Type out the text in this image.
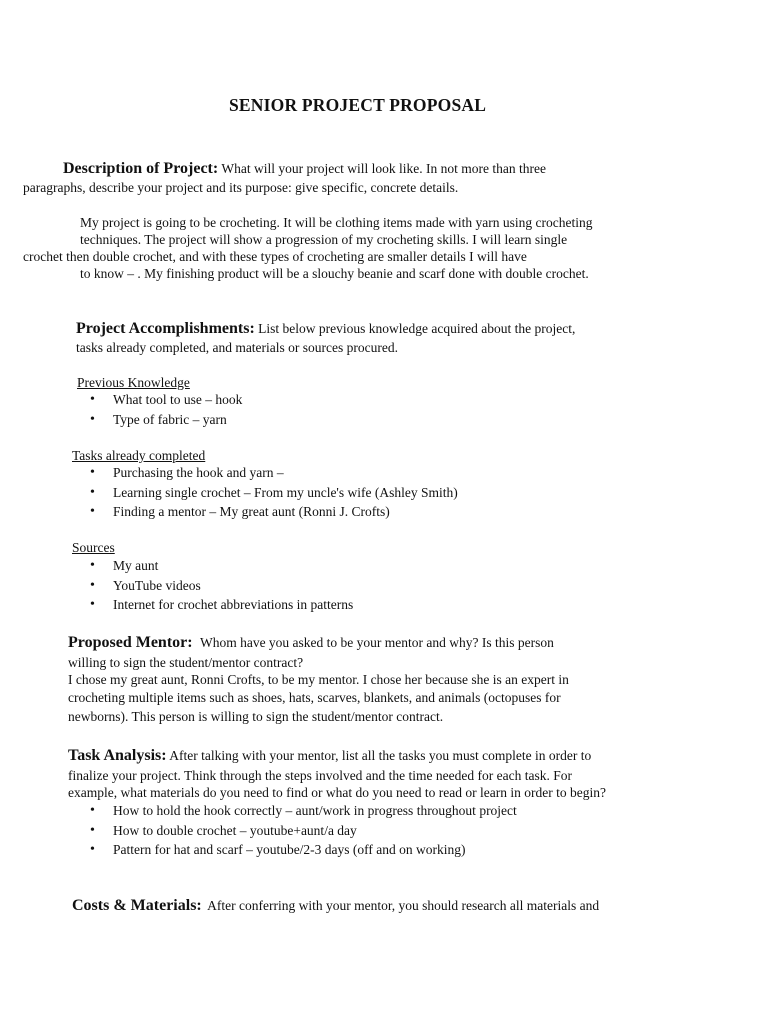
SENIOR PROJECT PROPOSAL
Description of Project: What will your project will look like. In not more than three
paragraphs, describe your project and its purpose: give specific, concrete details.
My project is going to be crocheting. It will be clothing items made with yarn using crocheting
techniques. The project will show a progression of my crocheting skills. I will learn single
crochet then double crochet, and with these types of crocheting are smaller details I will have
to know – . My finishing product will be a slouchy beanie and scarf done with double crochet.
Project Accomplishments: List below previous knowledge acquired about the project,
tasks already completed, and materials or sources procured.
Previous Knowledge
• What tool to use – hook
• Type of fabric – yarn
Tasks already completed
• Purchasing the hook and yarn –
• Learning single crochet – From my uncle's wife (Ashley Smith)
• Finding a mentor – My great aunt (Ronni J. Crofts)
Sources
• My aunt
• YouTube videos
• Internet for crochet abbreviations in patterns
Proposed Mentor: Whom have you asked to be your mentor and why? Is this person
willing to sign the student/mentor contract?
I chose my great aunt, Ronni Crofts, to be my mentor. I chose her because she is an expert in
crocheting multiple items such as shoes, hats, scarves, blankets, and animals (octopuses for
newborns). This person is willing to sign the student/mentor contract.
Task Analysis: After talking with your mentor, list all the tasks you must complete in order to
finalize your project. Think through the steps involved and the time needed for each task. For
example, what materials do you need to find or what do you need to read or learn in order to begin?
• How to hold the hook correctly – aunt/work in progress throughout project
• How to double crochet – youtube+aunt/a day
• Pattern for hat and scarf – youtube/2-3 days (off and on working)
Costs & Materials: After conferring with your mentor, you should research all materials and
